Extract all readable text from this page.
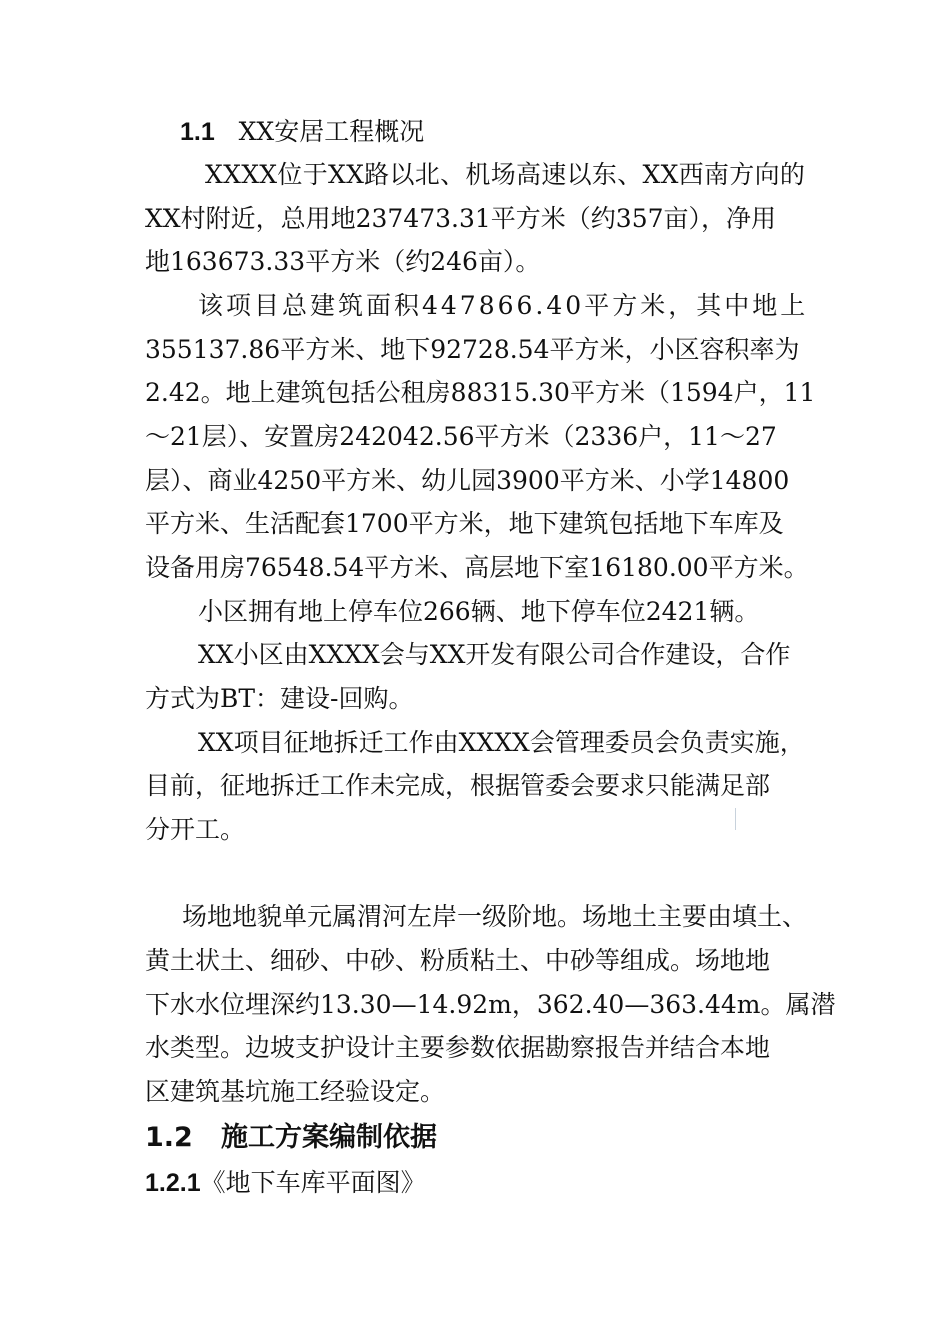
1.1 XX安居工程概况
XXXX位于XX路以北、机场高速以东、XX西南方向的
XX村附近，总用地237473.31平方米（约357亩），净用
地163673.33平方米（约246亩）。
该项目总建筑面积447866.40平方米，其中地上
355137.86平方米、地下92728.54平方米，小区容积率为
2.42。地上建筑包括公租房88315.30平方米（1594户，11
～21层）、安置房242042.56平方米（2336户，11～27
层）、商业4250平方米、幼儿园3900平方米、小学14800
平方米、生活配套1700平方米，地下建筑包括地下车库及
设备用房76548.54平方米、高层地下室16180.00平方米。
小区拥有地上停车位266辆、地下停车位2421辆。
XX小区由XXXX会与XX开发有限公司合作建设，合作
方式为BT：建设-回购。
XX项目征地拆迁工作由XXXX会管理委员会负责实施，
目前，征地拆迁工作未完成，根据管委会要求只能满足部
分开工。
场地地貌单元属渭河左岸一级阶地。场地土主要由填土、
黄土状土、细砂、中砂、粉质粘土、中砂等组成。场地地
下水水位埋深约13.30—14.92m，362.40—363.44m。属潜
水类型。边坡支护设计主要参数依据勘察报告并结合本地
区建筑基坑施工经验设定。
1.2 施工方案编制依据
1.2.1《地下车库平面图》
